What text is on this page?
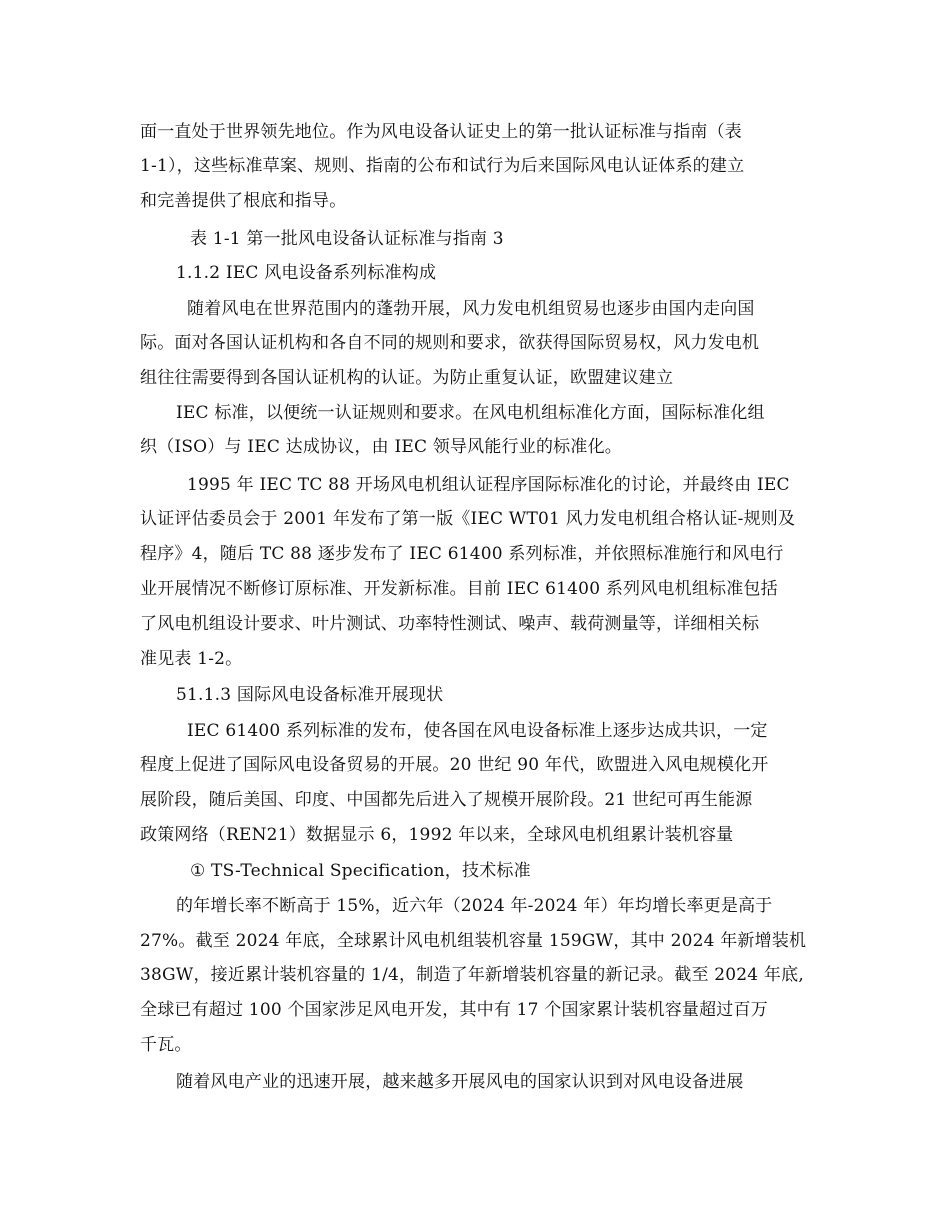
面一直处于世界领先地位。作为风电设备认证史上的第一批认证标准与指南（表
1-1），这些标准草案、规则、指南的公布和试行为后来国际风电认证体系的建立
和完善提供了根底和指导。
表 1-1 第一批风电设备认证标准与指南 3
1.1.2 IEC 风电设备系列标准构成
随着风电在世界范围内的蓬勃开展，风力发电机组贸易也逐步由国内走向国
际。面对各国认证机构和各自不同的规则和要求，欲获得国际贸易权，风力发电机
组往往需要得到各国认证机构的认证。为防止重复认证，欧盟建议建立
IEC 标准，以便统一认证规则和要求。在风电机组标准化方面，国际标准化组
织（ISO）与 IEC 达成协议，由 IEC 领导风能行业的标准化。
1995 年 IEC TC 88 开场风电机组认证程序国际标准化的讨论，并最终由 IEC
认证评估委员会于 2001 年发布了第一版《IEC WT01 风力发电机组合格认证-规则及
程序》4，随后 TC 88 逐步发布了 IEC 61400 系列标准，并依照标准施行和风电行
业开展情况不断修订原标准、开发新标准。目前 IEC 61400 系列风电机组标准包括
了风电机组设计要求、叶片测试、功率特性测试、噪声、载荷测量等，详细相关标
准见表 1-2。
51.1.3 国际风电设备标准开展现状
IEC 61400 系列标准的发布，使各国在风电设备标准上逐步达成共识，一定
程度上促进了国际风电设备贸易的开展。20 世纪 90 年代，欧盟进入风电规模化开
展阶段，随后美国、印度、中国都先后进入了规模开展阶段。21 世纪可再生能源
政策网络（REN21）数据显示 6，1992 年以来，全球风电机组累计装机容量
① TS-Technical Specification，技术标准
的年增长率不断高于 15%，近六年（2024 年-2024 年）年均增长率更是高于
27%。截至 2024 年底，全球累计风电机组装机容量 159GW，其中 2024 年新增装机
38GW，接近累计装机容量的 1/4，制造了年新增装机容量的新记录。截至 2024 年底,
全球已有超过 100 个国家涉足风电开发，其中有 17 个国家累计装机容量超过百万
千瓦。
随着风电产业的迅速开展，越来越多开展风电的国家认识到对风电设备进展
